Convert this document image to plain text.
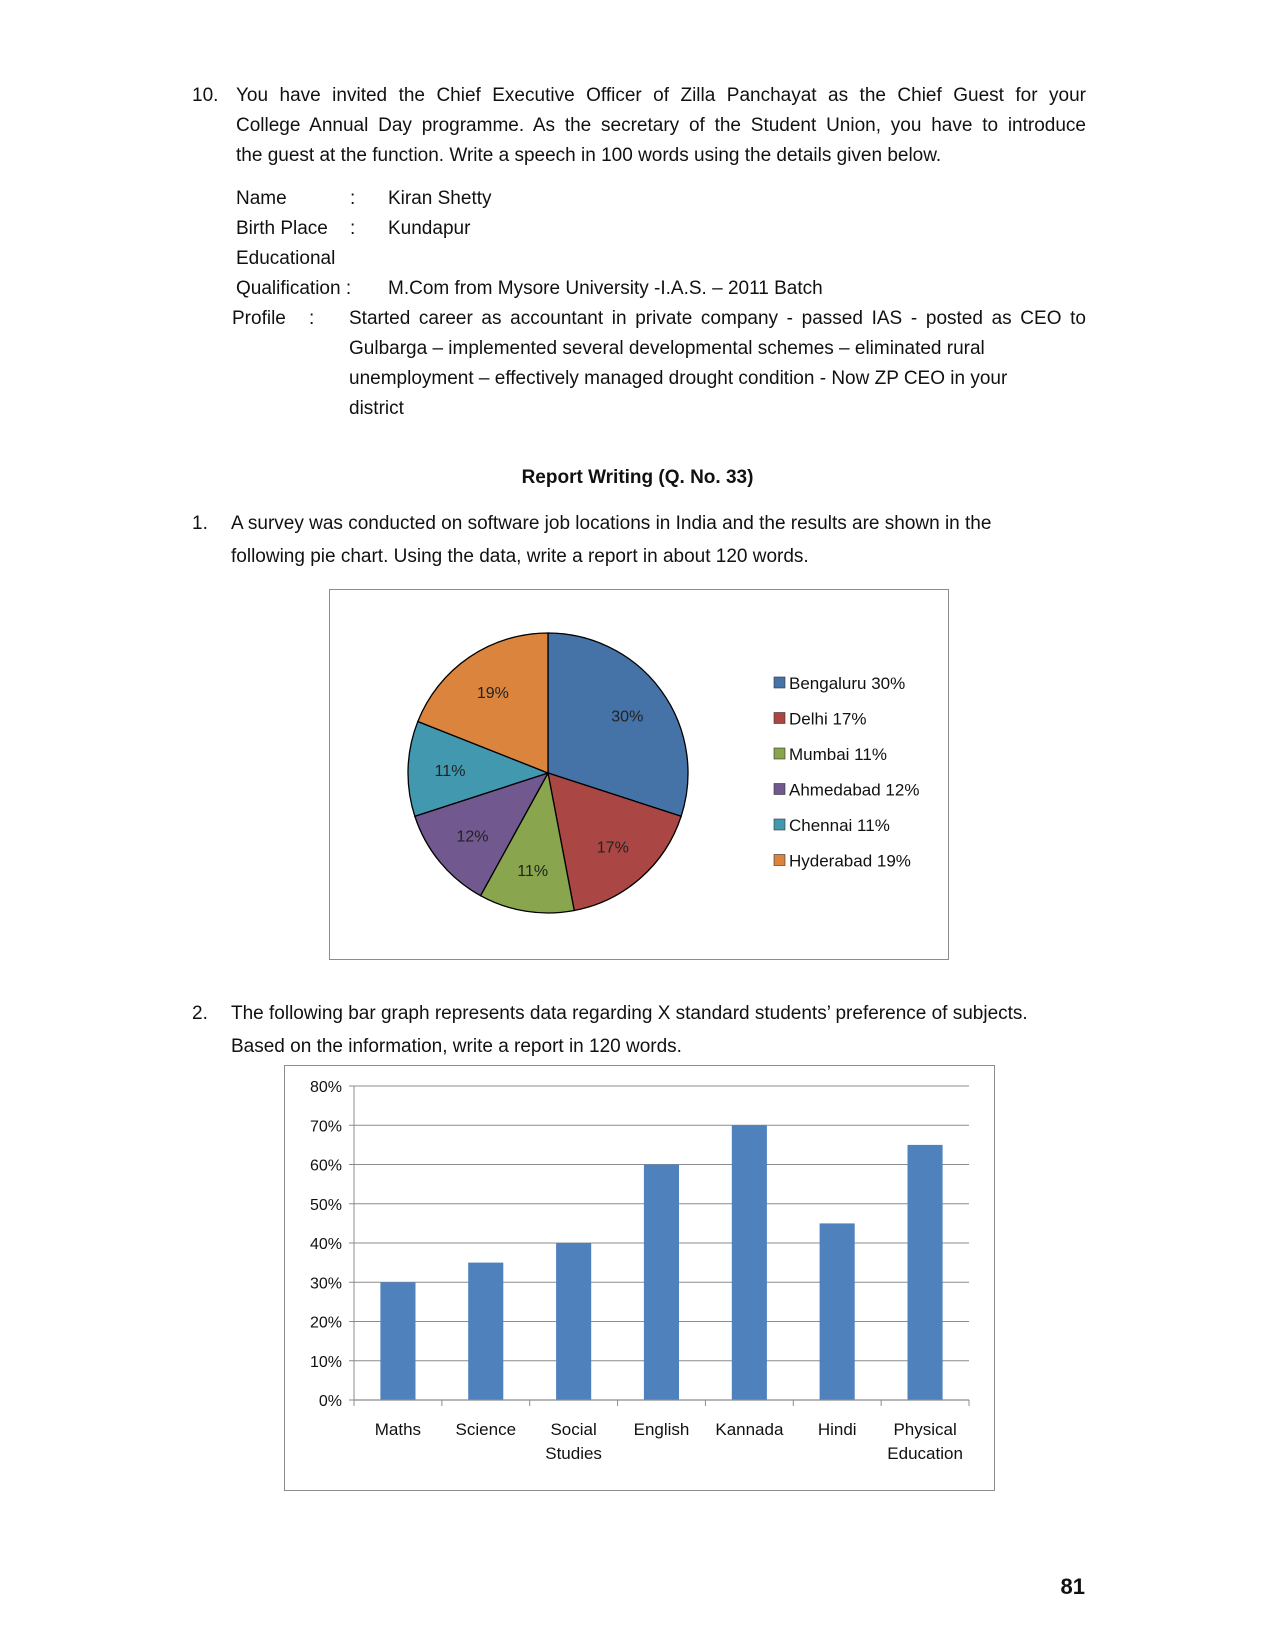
10. You have invited the Chief Executive Officer of Zilla Panchayat as the Chief Guest for your
College Annual Day programme. As the secretary of the Student Union, you have to introduce
the guest at the function. Write a speech in 100 words using the details given below.
Name	: Kiran Shetty
Birth Place : Kundapur
Educational
Qualification : M.Com from Mysore University -I.A.S. – 2011 Batch
Profile : Started career as accountant in private company - passed IAS - posted as CEO to
Gulbarga – implemented several developmental schemes – eliminated rural
unemployment – effectively managed drought condition - Now ZP CEO in your
district
Report Writing (Q. No. 33)
1. A survey was conducted on software job locations in India and the results are shown in the
following pie chart. Using the data, write a report in about 120 words.
30%
17%
11%
12%
11%
19%
Bengaluru 30%
Delhi 17%
Mumbai 11%
Ahmedabad 12%
Chennai 11%
Hyderabad 19%
2. The following bar graph represents data regarding X standard students’ preference of subjects.
Based on the information, write a report in 120 words.
0%
10%
20%
30%
40%
50%
60%
70%
80%
Maths Science Social
Studies
English Kannada Hindi Physical
Education
81
